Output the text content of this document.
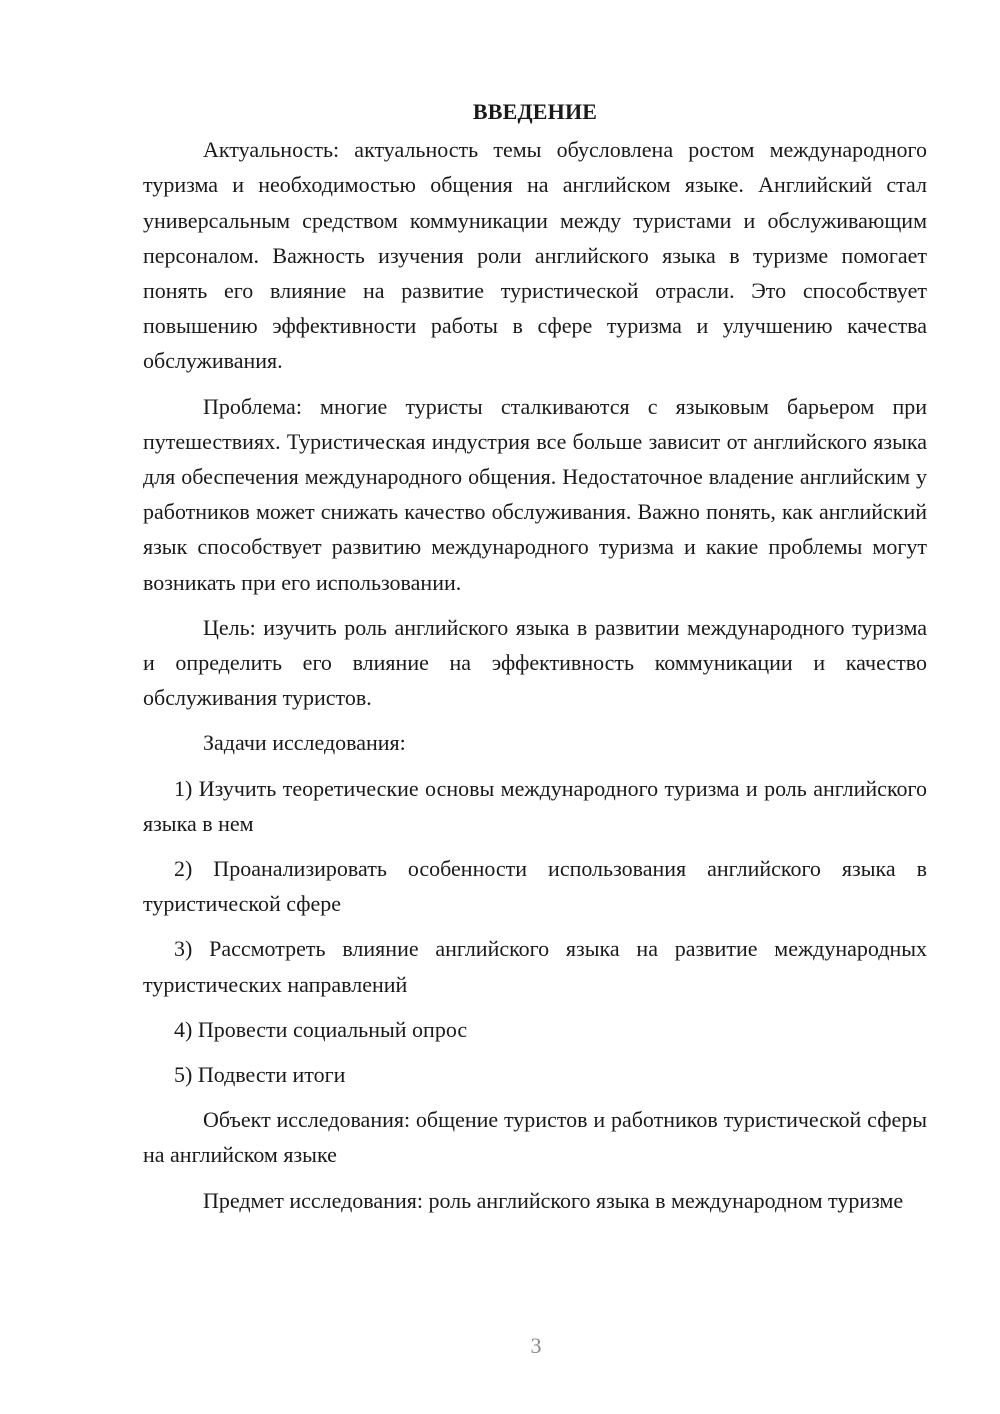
ВВЕДЕНИЕ

Актуальность: актуальность темы обусловлена ростом международного туризма и необходимостью общения на английском языке. Английский стал универсальным средством коммуникации между туристами и обслуживающим персоналом. Важность изучения роли английского языка в туризме помогает понять его влияние на развитие туристической отрасли. Это способствует повышению эффективности работы в сфере туризма и улучшению качества обслуживания.

Проблема: многие туристы сталкиваются с языковым барьером при путешествиях. Туристическая индустрия все больше зависит от английского языка для обеспечения международного общения. Недостаточное владение английским у работников может снижать качество обслуживания. Важно понять, как английский язык способствует развитию международного туризма и какие проблемы могут возникать при его использовании.

Цель: изучить роль английского языка в развитии международного туризма и определить его влияние на эффективность коммуникации и качество обслуживания туристов.

Задачи исследования:

1) Изучить теоретические основы международного туризма и роль английского языка в нем

2) Проанализировать особенности использования английского языка в туристической сфере

3) Рассмотреть влияние английского языка на развитие международных туристических направлений

4) Провести социальный опрос

5) Подвести итоги

Объект исследования: общение туристов и работников туристической сферы на английском языке

Предмет исследования: роль английского языка в международном туризме

3
